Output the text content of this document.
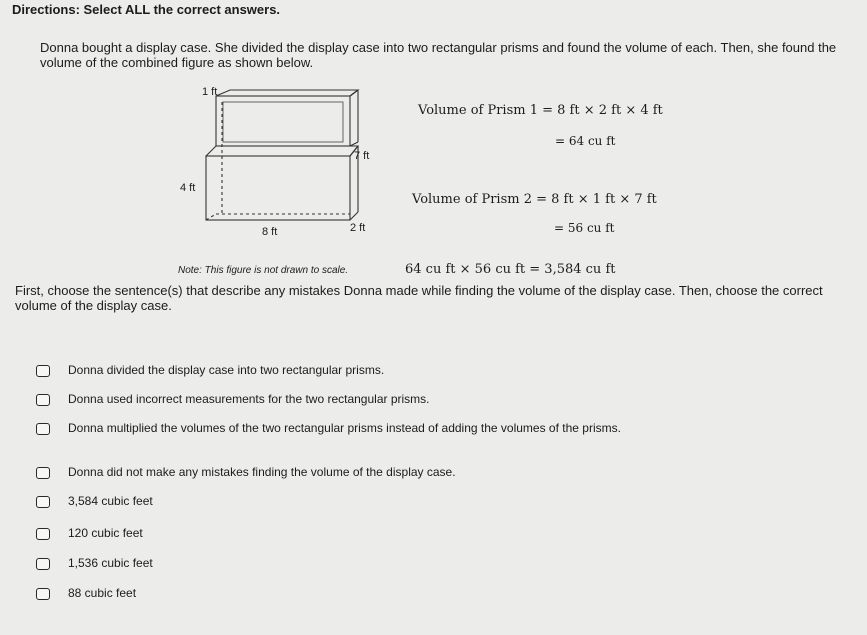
Directions: Select ALL the correct answers.
Donna bought a display case. She divided the display case into two rectangular prisms and found the volume of each. Then, she found the volume of the combined figure as shown below.
1 ft
7 ft
4 ft
8 ft	2 ft
Volume of Prism 1 = 8 ft × 2 ft × 4 ft
= 64 cu ft
Volume of Prism 2 = 8 ft × 1 ft × 7 ft
= 56 cu ft
Note: This figure is not drawn to scale.	64 cu ft × 56 cu ft = 3,584 cu ft
First, choose the sentence(s) that describe any mistakes Donna made while finding the volume of the display case. Then, choose the correct volume of the display case.
Donna divided the display case into two rectangular prisms.
Donna used incorrect measurements for the two rectangular prisms.
Donna multiplied the volumes of the two rectangular prisms instead of adding the volumes of the prisms.
Donna did not make any mistakes finding the volume of the display case.
3,584 cubic feet
120 cubic feet
1,536 cubic feet
88 cubic feet
